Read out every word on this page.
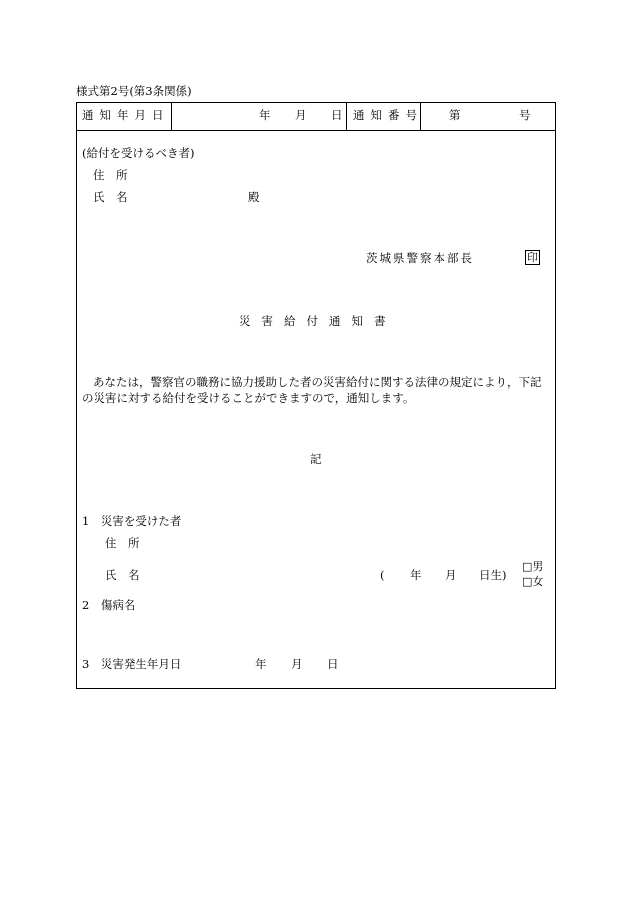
様式第2号(第3条関係)
通知年月日	年 月 日 通知番号 第	号
(給付を受けるべき者)
住　所
氏　名	殿
茨城県警察本部長	印
災害給付通知書
あなたは，警察官の職務に協力援助した者の災害給付に関する法律の規定により，下記
の災害に対する給付を受けることができますので，通知します。
記
1　災害を受けた者
住　所
氏　名	( 年 月 日生)
□男
□女
2　傷病名
3　災害発生年月日	年 月 日
